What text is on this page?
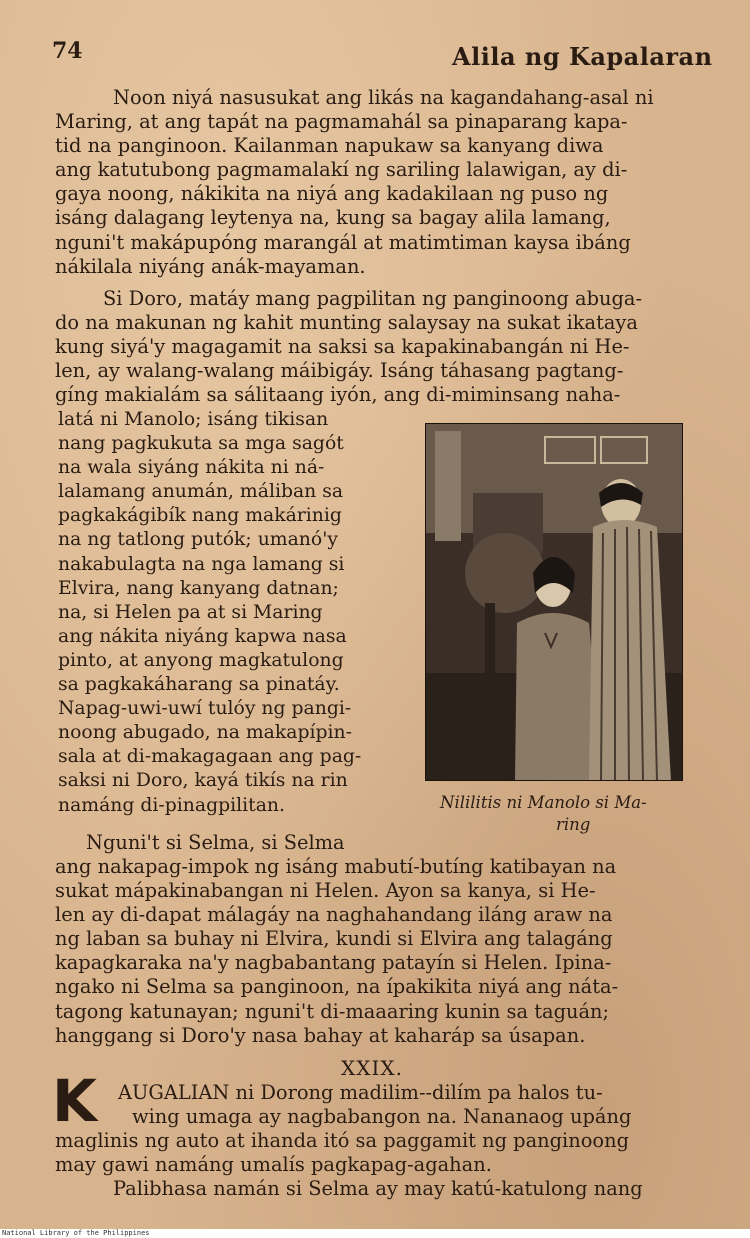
74	Alila ng Kapalaran
Noon niyá nasusukat ang likás na kagandahang-asal ni
Maring, at ang tapát na pagmamahál sa pinaparang kapa-
tid na panginoon. Kailanman napukaw sa kanyang diwa
ang katutubong pagmamalakí ng sariling lalawigan, ay di-
gaya noong, nákikita na niyá ang kadakilaan ng puso ng
isáng dalagang leytenya na, kung sa bagay alila lamang,
nguni't makápupóng marangál at matimtiman kaysa ibáng
nákilala niyáng anák-mayaman.
Si Doro, matáy mang pagpilitan ng panginoong abuga-
do na makunan ng kahit munting salaysay na sukat ikataya
kung siyá'y magagamit na saksi sa kapakinabangán ni He-
len, ay walang-walang máibigáy. Isáng táhasang pagtang-
gíng makialám sa sálitaang iyón, ang di-miminsang naha-
latá ni Manolo; isáng tikisan
nang pagkukuta sa mga sagót
na wala siyáng nákita ni ná-
lalamang anumán, máliban sa
pagkakágibík nang makárinig
na ng tatlong putók; umanó'y
nakabulagta na nga lamang si
Elvira, nang kanyang datnan;
na, si Helen pa at si Maring
ang nákita niyáng kapwa nasa
pinto, at anyong magkatulong
sa pagkakáharang sa pinatáy.
Napag-uwi-uwí tulóy ng pangi-
noong abugado, na makapípin-
sala at di-makagagaan ang pag-
saksi ni Doro, kayá tikís na rin
namáng di-pinagpilitan.	Nililitis ni Manolo si Ma-
ring
Nguni't si Selma, si Selma
ang nakapag-impok ng isáng mabutí-butíng katibayan na
sukat mápakinabangan ni Helen. Ayon sa kanya, si He-
len ay di-dapat málagáy na naghahandang iláng araw na
ng laban sa buhay ni Elvira, kundi si Elvira ang talagáng
kapagkaraka na'y nagbabantang patayín si Helen. Ipina-
ngako ni Selma sa panginoon, na ípakikita niyá ang náta-
tagong katunayan; nguni't di-maaaring kunin sa taguán;
hanggang si Doro'y nasa bahay at kaharáp sa úsapan.
XXIX.
K AUGALIAN ni Dorong madilim--dilím pa halos tu-
wing umaga ay nagbabangon na. Nananaog upáng
maglinis ng auto at ihanda itó sa paggamit ng panginoong
may gawi namáng umalís pagkapag-agahan.
Palibhasa namán si Selma ay may katú-katulong nang
National Library of the Philippines
